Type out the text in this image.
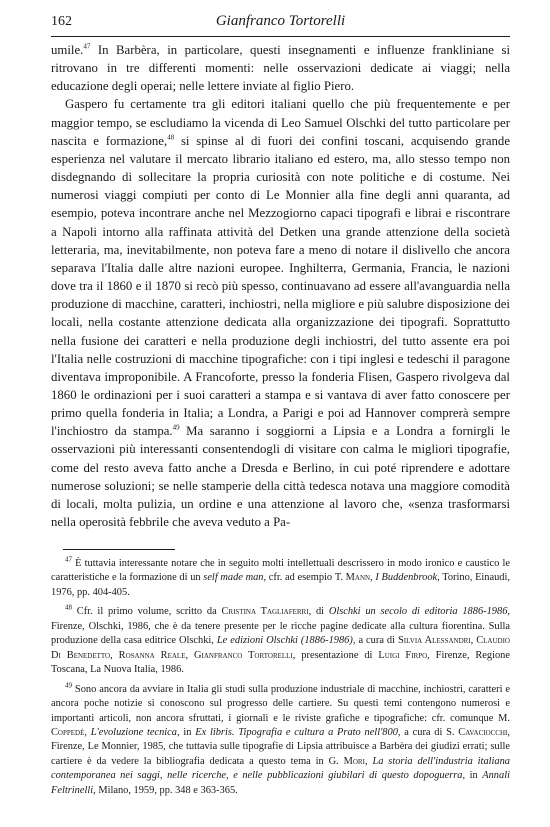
162	Gianfranco Tortorelli

umile.$^{47}$ In Barbèra, in particolare, questi insegnamenti e influenze frankliniane si ritrovano in tre differenti momenti: nelle osservazioni dedicate ai viaggi; nella educazione degli operai; nelle lettere inviate al figlio Piero.

Gaspero fu certamente tra gli editori italiani quello che più frequentemente e per maggior tempo, se escludiamo la vicenda di Leo Samuel Olschki del tutto particolare per nascita e formazione,$^{48}$ si spinse al di fuori dei confini toscani, acquisendo grande esperienza nel valutare il mercato librario italiano ed estero, ma, allo stesso tempo non disdegnando di sollecitare la propria curiosità con note politiche e di costume. Nei numerosi viaggi compiuti per conto di Le Monnier alla fine degli anni quaranta, ad esempio, poteva incontrare anche nel Mezzogiorno capaci tipografi e librai e riscontrare a Napoli intorno alla raffinata attività del Detken una grande attenzione della società letteraria, ma, inevitabilmente, non poteva fare a meno di notare il dislivello che ancora separava l'Italia dalle altre nazioni europee. Inghilterra, Germania, Francia, le nazioni dove tra il 1860 e il 1870 si recò più spesso, continuavano ad essere all'avanguardia nella produzione di macchine, caratteri, inchiostri, nella migliore e più salubre disposizione dei locali, nella costante attenzione dedicata alla organizzazione dei tipografi. Soprattutto nella fusione dei caratteri e nella produzione degli inchiostri, del tutto assente era poi l'Italia nelle costruzioni di macchine tipografiche: con i tipi inglesi e tedeschi il paragone diventava improponibile. A Francoforte, presso la fonderia Flisen, Gaspero rivolgeva dal 1860 le ordinazioni per i suoi caratteri a stampa e si vantava di aver fatto conoscere per primo quella fonderia in Italia; a Londra, a Parigi e poi ad Hannover comprerà sempre l'inchiostro da stampa.$^{49}$ Ma saranno i soggiorni a Lipsia e a Londra a fornirgli le osservazioni più interessanti consentendogli di visitare con calma le migliori tipografie, come del resto aveva fatto anche a Dresda e Berlino, in cui poté riprendere e adottare numerose soluzioni; se nelle stamperie della città tedesca notava una maggiore comodità di locali, molta pulizia, un ordine e una attenzione al lavoro che, «senza trasformarsi nella operosità febbrile che aveva veduto a Pa-

$^{47}$ È tuttavia interessante notare che in seguito molti intellettuali descrissero in modo ironico e caustico le caratteristiche e la formazione di un self made man, cfr. ad esempio T. Mann, I Buddenbrook, Torino, Einaudi, 1976, pp. 404-405.

$^{48}$ Cfr. il primo volume, scritto da Cristina Tagliaferri, di Olschki un secolo di editoria 1886-1986, Firenze, Olschki, 1986, che è da tenere presente per le ricche pagine dedicate alla cultura fiorentina. Sulla produzione della casa editrice Olschki, Le edizioni Olschki (1886-1986), a cura di Silvia Alessandri, Claudio Di Benedetto, Rosanna Reale, Gianfranco Tortorelli, presentazione di Luigi Firpo, Firenze, Regione Toscana, La Nuova Italia, 1986.

$^{49}$ Sono ancora da avviare in Italia gli studi sulla produzione industriale di macchine, inchiostri, caratteri e ancora poche notizie si conoscono sul progresso delle cartiere. Su questi temi contengono numerosi e importanti articoli, non ancora sfruttati, i giornali e le riviste grafiche e tipografiche: cfr. comunque M. Coppedè, L'evoluzione tecnica, in Ex libris. Tipografia e cultura a Prato nell'800, a cura di S. Cavaciocchi, Firenze, Le Monnier, 1985, che tuttavia sulle tipografie di Lipsia attribuisce a Barbèra dei giudizi errati; sulle cartiere è da vedere la bibliografia dedicata a questo tema in G. Mori, La storia dell'industria italiana contemporanea nei saggi, nelle ricerche, e nelle pubblicazioni giubilari di questo dopoguerra, in Annali Feltrinelli, Milano, 1959, pp. 348 e 363-365.
